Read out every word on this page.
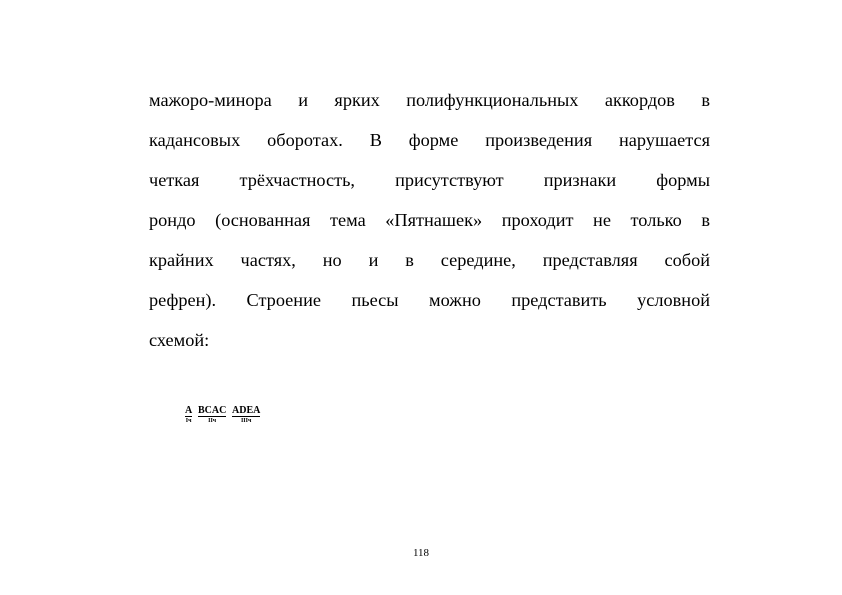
мажоро-минора и ярких полифункциональных аккордов в
кадансовых оборотах. В форме произведения нарушается
четкая трёхчастность, присутствуют признаки формы
рондо (основанная тема «Пятнашек» проходит не только в
крайних частях, но и в середине, представляя собой
рефрен). Строение пьесы можно представить условной
схемой:
A
Iч
BCAC
IIч
ADEA
IIIч
118
